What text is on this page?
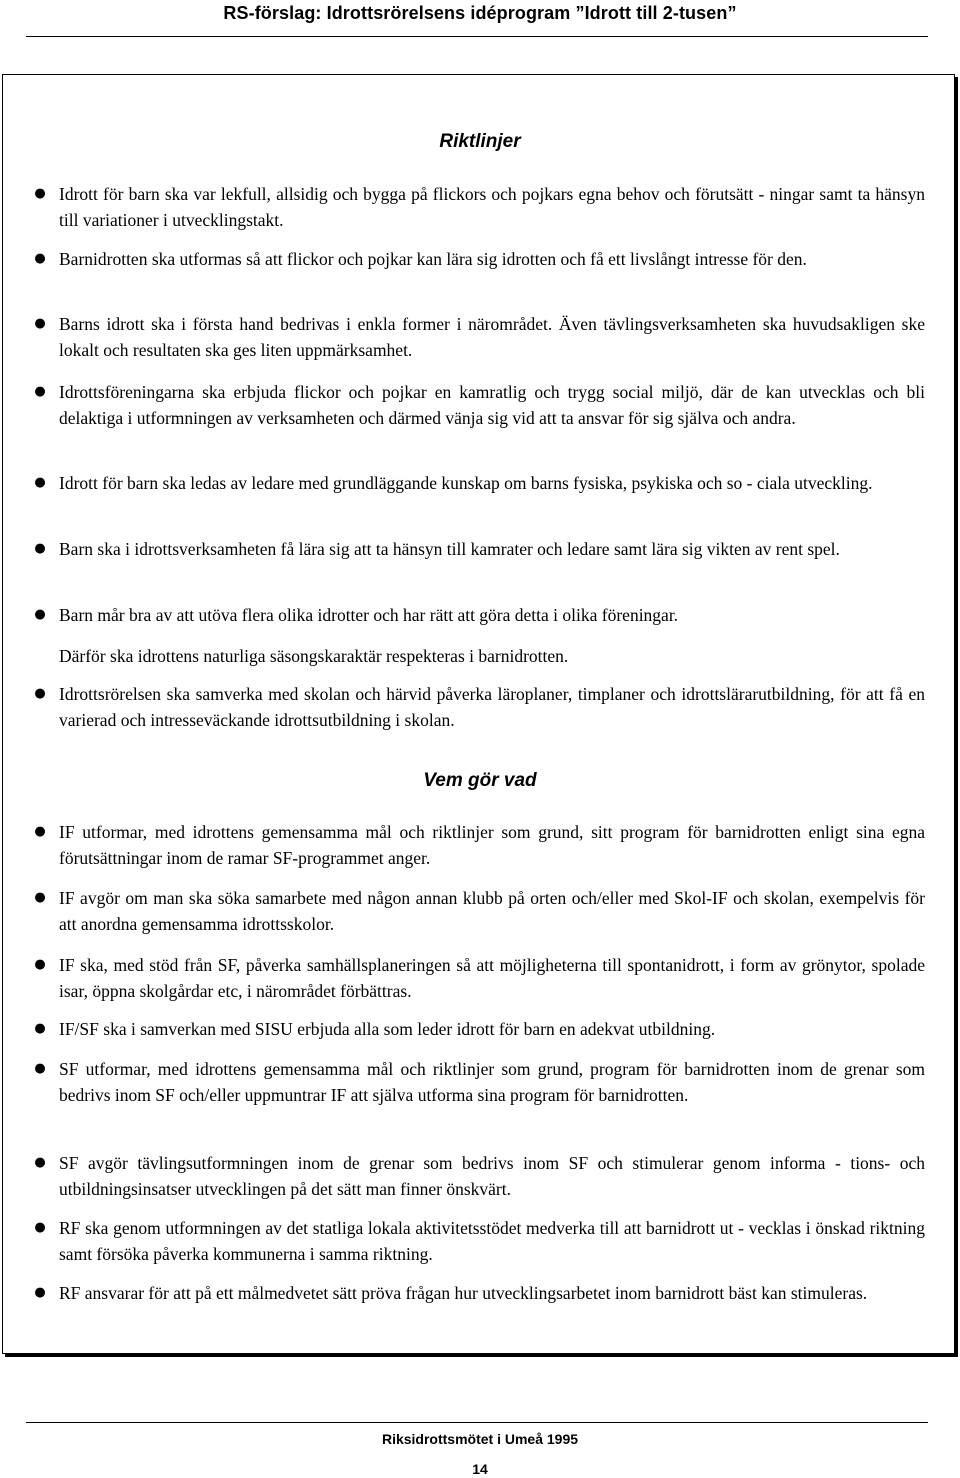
RS-förslag: Idrottsrörelsens idéprogram ”Idrott till 2-tusen”
Riktlinjer
● Idrott för barn ska var lekfull, allsidig och bygga på flickors och pojkars egna behov och förutsätt - ningar samt ta hänsyn till variationer i utvecklingstakt.
● Barnidrotten ska utformas så att flickor och pojkar kan lära sig idrotten och få ett livslångt intresse för den.
● Barns idrott ska i första hand bedrivas i enkla former i närområdet. Även tävlingsverksamheten ska huvudsakligen ske lokalt och resultaten ska ges liten uppmärksamhet.
● Idrottsföreningarna ska erbjuda flickor och pojkar en kamratlig och trygg social miljö, där de kan utvecklas och bli delaktiga i utformningen av verksamheten och därmed vänja sig vid att ta ansvar för sig själva och andra.
● Idrott för barn ska ledas av ledare med grundläggande kunskap om barns fysiska, psykiska och so - ciala utveckling.
● Barn ska i idrottsverksamheten få lära sig att ta hänsyn till kamrater och ledare samt lära sig vikten av rent spel.
● Barn mår bra av att utöva flera olika idrotter och har rätt att göra detta i olika föreningar.
Därför ska idrottens naturliga säsongskaraktär respekteras i barnidrotten.
● Idrottsrörelsen ska samverka med skolan och härvid påverka läroplaner, timplaner och idrottslärarutbildning, för att få en varierad och intresseväckande idrottsutbildning i skolan.
Vem gör vad
● IF utformar, med idrottens gemensamma mål och riktlinjer som grund, sitt program för barnidrotten enligt sina egna förutsättningar inom de ramar SF-programmet anger.
● IF avgör om man ska söka samarbete med någon annan klubb på orten och/eller med Skol-IF och skolan, exempelvis för att anordna gemensamma idrottsskolor.
● IF ska, med stöd från SF, påverka samhällsplaneringen så att möjligheterna till spontanidrott, i form av grönytor, spolade isar, öppna skolgårdar etc, i närområdet förbättras.
● IF/SF ska i samverkan med SISU erbjuda alla som leder idrott för barn en adekvat utbildning.
● SF utformar, med idrottens gemensamma mål och riktlinjer som grund, program för barnidrotten inom de grenar som bedrivs inom SF och/eller uppmuntrar IF att själva utforma sina program för barnidrotten.
● SF avgör tävlingsutformningen inom de grenar som bedrivs inom SF och stimulerar genom informa - tions- och utbildningsinsatser utvecklingen på det sätt man finner önskvärt.
● RF ska genom utformningen av det statliga lokala aktivitetsstödet medverka till att barnidrott ut - vecklas i önskad riktning samt försöka påverka kommunerna i samma riktning.
● RF ansvarar för att på ett målmedvetet sätt pröva frågan hur utvecklingsarbetet inom barnidrott bäst kan stimuleras.
Riksidrottsmötet i Umeå 1995
14
